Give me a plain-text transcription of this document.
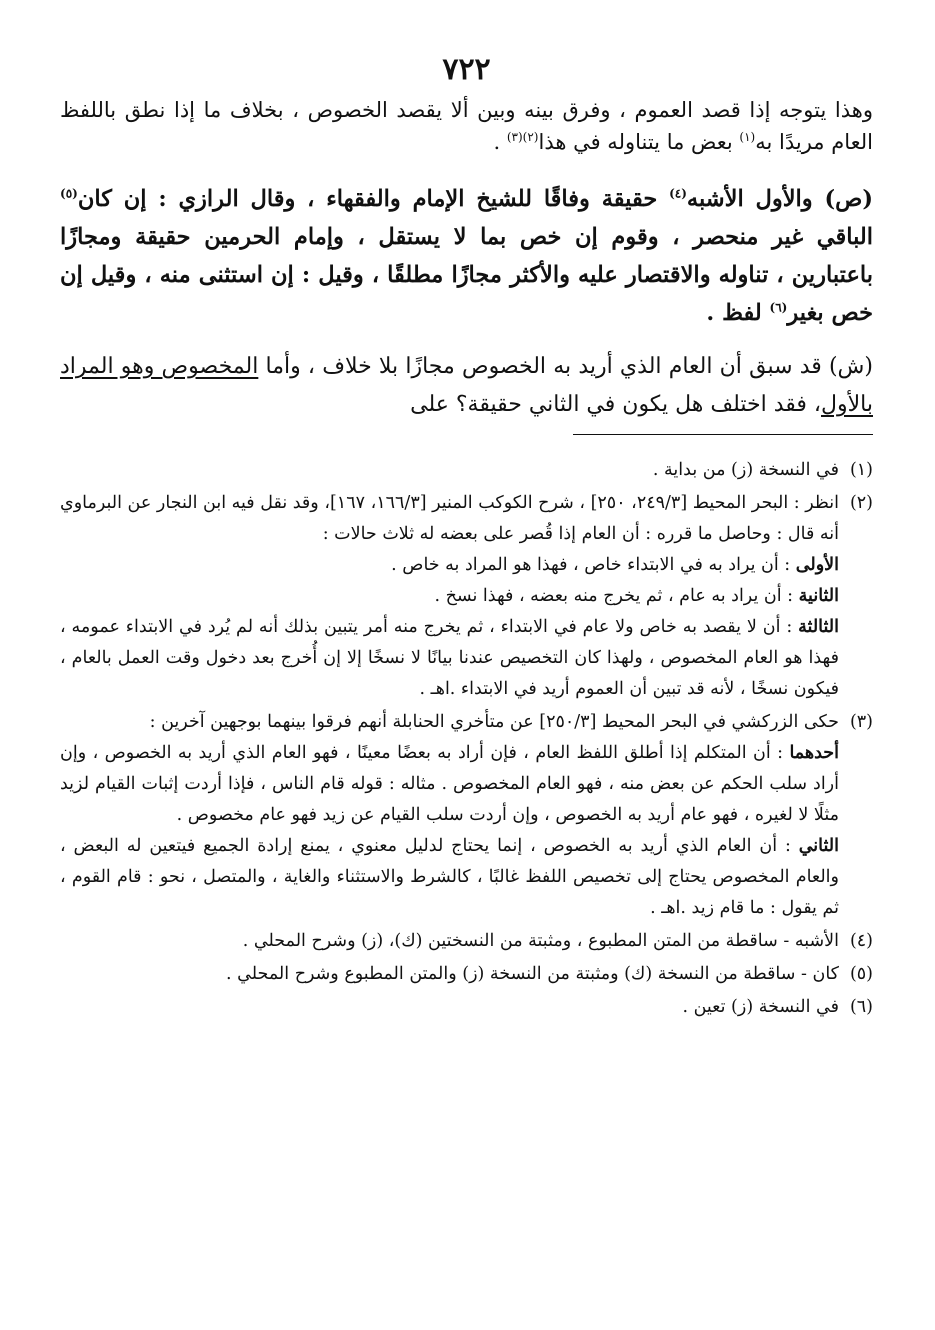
٧٢٢

وهذا يتوجه إذا قصد العموم ، وفرق بينه وبين ألا يقصد الخصوص ، بخلاف ما إذا نطق باللفظ العام مريدًا به$^{(١)}$ بعض ما يتناوله في هذا$^{(٢)(٣)}$ .

(ص) والأول الأشبه$^{(٤)}$ حقيقة وفاقًا للشيخ الإمام والفقهاء ، وقال الرازي : إن كان$^{(٥)}$ الباقي غير منحصر ، وقوم إن خص بما لا يستقل ، وإمام الحرمين حقيقة ومجازًا باعتبارين ، تناوله والاقتصار عليه والأكثر مجازًا مطلقًا ، وقيل : إن استثنى منه ، وقيل إن خص بغير$^{(٦)}$ لفظ .

(ش) قد سبق أن العام الذي أريد به الخصوص مجازًا بلا خلاف ، وأما المخصوص وهو المراد بالأول، فقد اختلف هل يكون في الثاني حقيقة؟ على

(١)

في النسخة (ز) من بداية .

(٢)

انظر : البحر المحيط [٢٤٩/٣، ٢٥٠] ، شرح الكوكب المنير [١٦٦/٣، ١٦٧]، وقد نقل فيه ابن النجار عن البرماوي أنه قال : وحاصل ما قرره : أن العام إذا قُصر على بعضه له ثلاث حالات :

الأولى : أن يراد به في الابتداء خاص ، فهذا هو المراد به خاص .

الثانية : أن يراد به عام ، ثم يخرج منه بعضه ، فهذا نسخ .

الثالثة : أن لا يقصد به خاص ولا عام في الابتداء ، ثم يخرج منه أمر يتبين بذلك أنه لم يُرد في الابتداء عمومه ، فهذا هو العام المخصوص ، ولهذا كان التخصيص عندنا بيانًا لا نسخًا إلا إن أُخرج بعد دخول وقت العمل بالعام ، فيكون نسخًا ، لأنه قد تبين أن العموم أريد في الابتداء .اهـ .

(٣)

حكى الزركشي في البحر المحيط [٢٥٠/٣] عن متأخري الحنابلة أنهم فرقوا بينهما بوجهين آخرين :

أحدهما : أن المتكلم إذا أطلق اللفظ العام ، فإن أراد به بعضًا معينًا ، فهو العام الذي أريد به الخصوص ، وإن أراد سلب الحكم عن بعض منه ، فهو العام المخصوص . مثاله : قوله قام الناس ، فإذا أردت إثبات القيام لزيد مثلًا لا لغيره ، فهو عام أريد به الخصوص ، وإن أردت سلب القيام عن زيد فهو عام مخصوص .

الثاني : أن العام الذي أريد به الخصوص ، إنما يحتاج لدليل معنوي ، يمنع إرادة الجميع فيتعين له البعض ، والعام المخصوص يحتاج إلى تخصيص اللفظ غالبًا ، كالشرط والاستثناء والغاية ، والمتصل ، نحو : قام القوم ، ثم يقول : ما قام زيد .اهـ .

(٤)

الأشبه - ساقطة من المتن المطبوع ، ومثبتة من النسختين (ك)، (ز) وشرح المحلي .

(٥)

كان - ساقطة من النسخة (ك) ومثبتة من النسخة (ز) والمتن المطبوع وشرح المحلي .

(٦)

في النسخة (ز) تعين .
